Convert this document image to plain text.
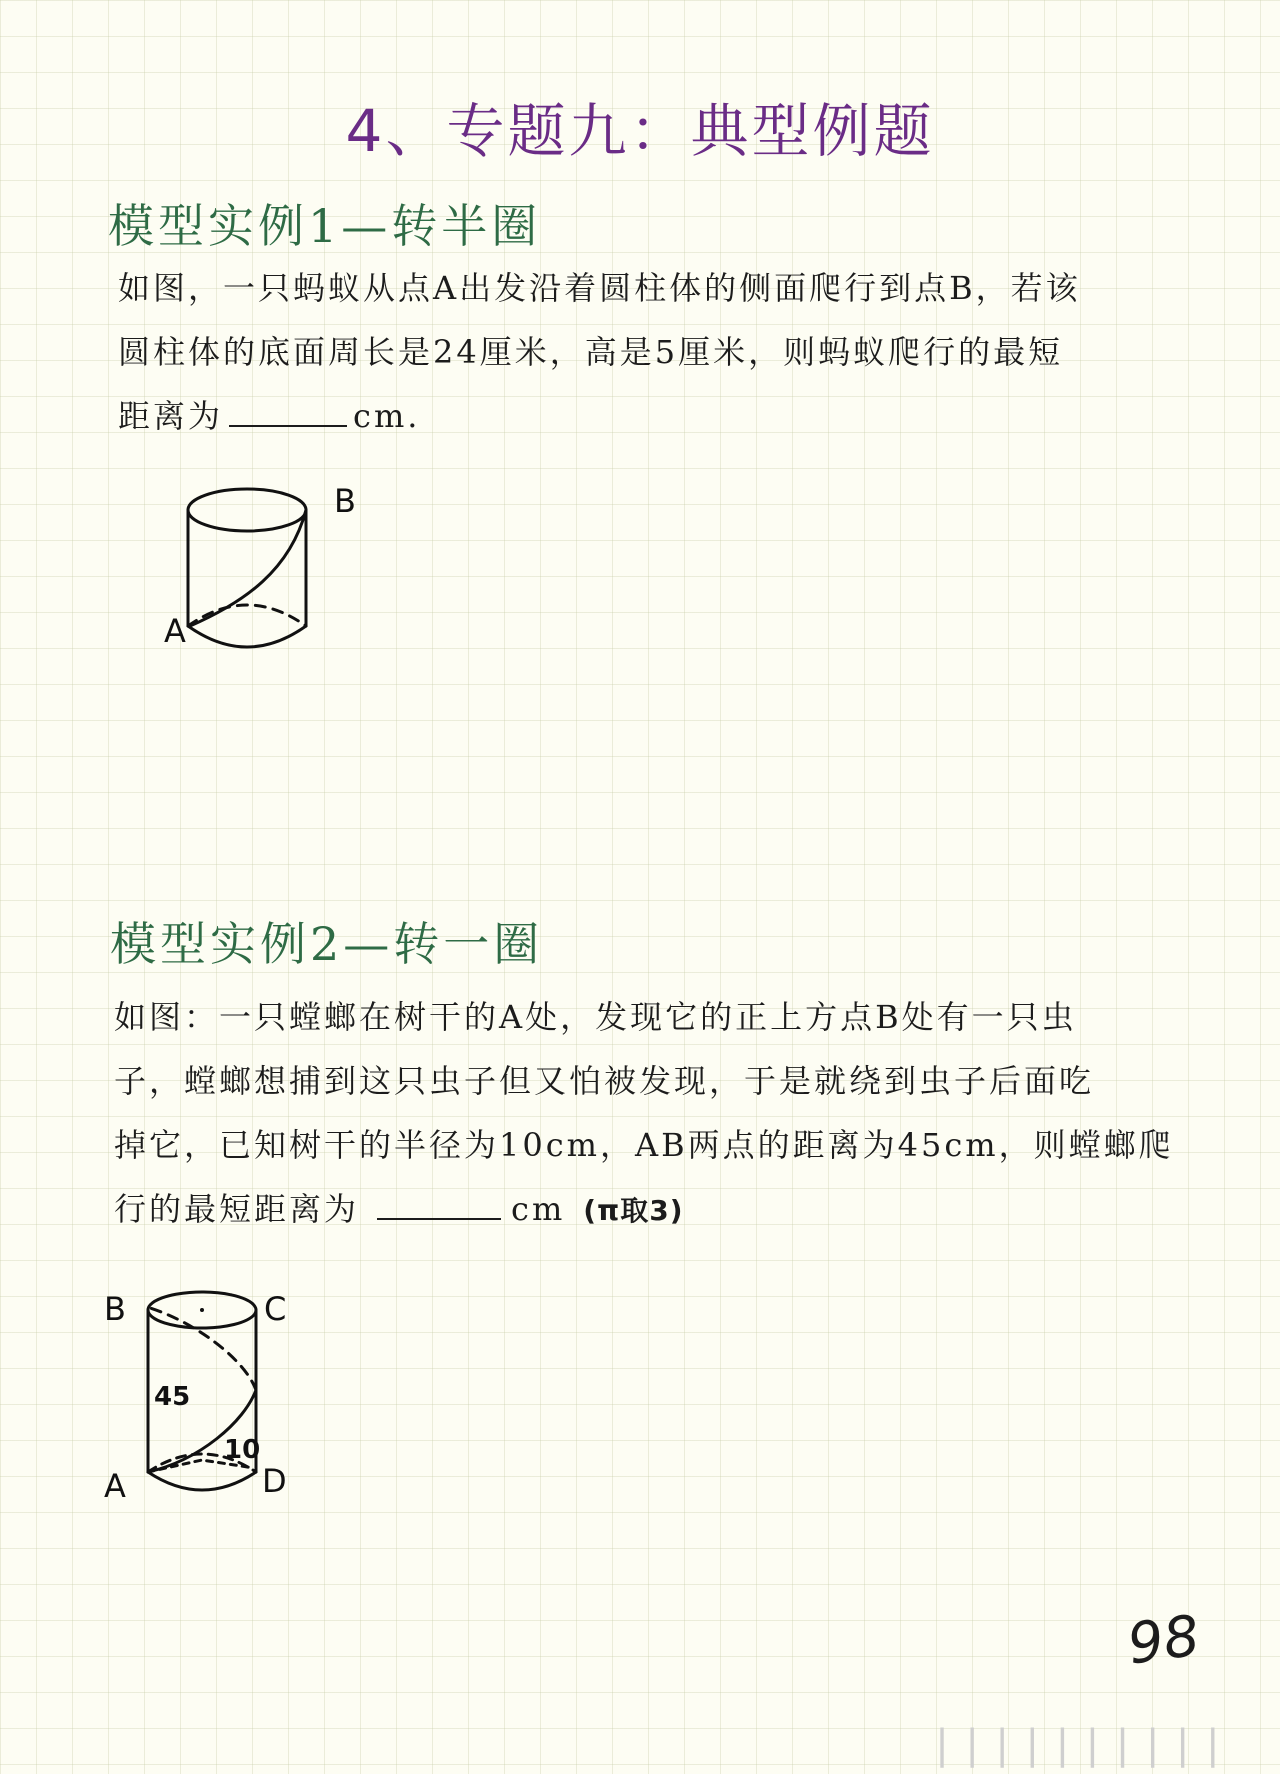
4、专题九：典型例题
模型实例1—转半圈
如图，一只蚂蚁从点A出发沿着圆柱体的侧面爬行到点B，若该
圆柱体的底面周长是24厘米，高是5厘米，则蚂蚁爬行的最短
距离为	cm.
B
A
模型实例2—转一圈
如图：一只螳螂在树干的A处，发现它的正上方点B处有一只虫
子，螳螂想捕到这只虫子但又怕被发现，于是就绕到虫子后面吃
掉它，已知树干的半径为10cm，AB两点的距离为45cm，则螳螂爬
行的最短距离为	cm (π取3)
B	C
A	D
45
10
98
||||||||||
